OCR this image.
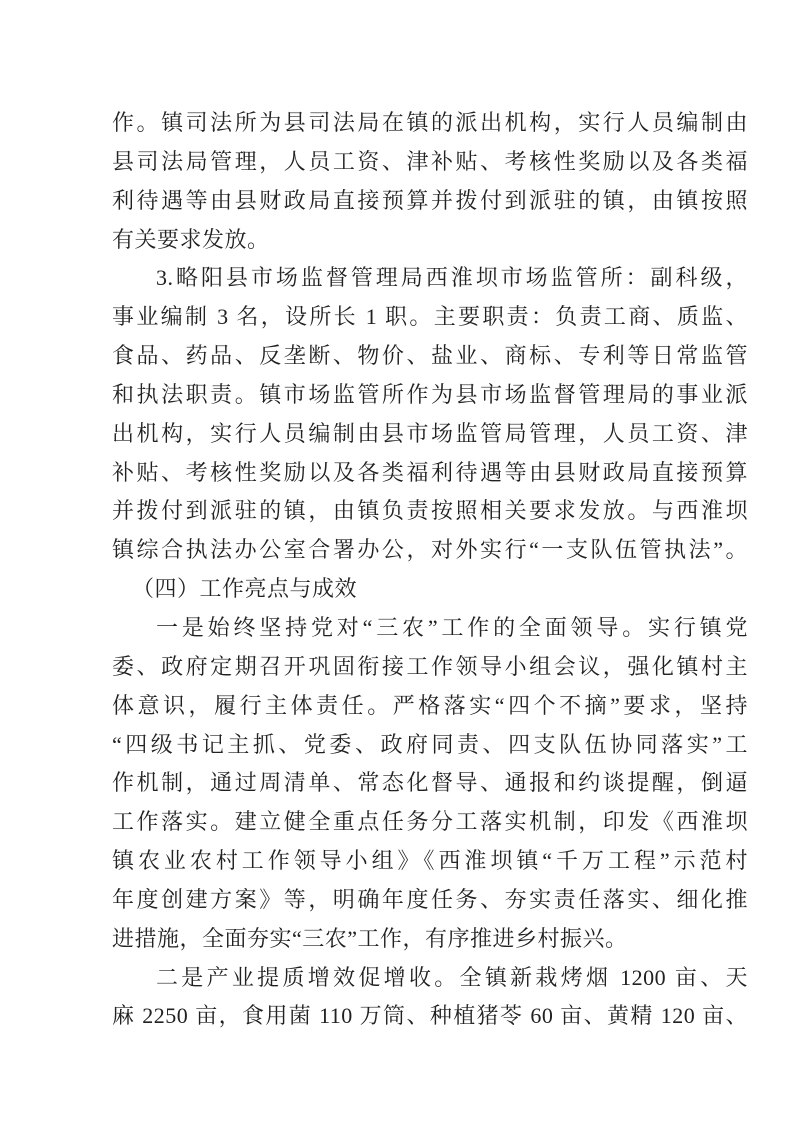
作。镇司法所为县司法局在镇的派出机构，实行人员编制由
县司法局管理，人员工资、津补贴、考核性奖励以及各类福
利待遇等由县财政局直接预算并拨付到派驻的镇，由镇按照
有关要求发放。
3.略阳县市场监督管理局西淮坝市场监管所：副科级，
事业编制 3 名，设所长 1 职。主要职责：负责工商、质监、
食品、药品、反垄断、物价、盐业、商标、专利等日常监管
和执法职责。镇市场监管所作为县市场监督管理局的事业派
出机构，实行人员编制由县市场监管局管理，人员工资、津
补贴、考核性奖励以及各类福利待遇等由县财政局直接预算
并拨付到派驻的镇，由镇负责按照相关要求发放。与西淮坝
镇综合执法办公室合署办公，对外实行“一支队伍管执法”。
（四）工作亮点与成效
一是始终坚持党对“三农”工作的全面领导。实行镇党
委、政府定期召开巩固衔接工作领导小组会议，强化镇村主
体意识，履行主体责任。严格落实“四个不摘”要求，坚持
“四级书记主抓、党委、政府同责、四支队伍协同落实”工
作机制，通过周清单、常态化督导、通报和约谈提醒，倒逼
工作落实。建立健全重点任务分工落实机制，印发《西淮坝
镇农业农村工作领导小组》《西淮坝镇“千万工程”示范村
年度创建方案》等，明确年度任务、夯实责任落实、细化推
进措施，全面夯实“三农”工作，有序推进乡村振兴。
二是产业提质增效促增收。全镇新栽烤烟 1200 亩、天
麻 2250 亩，食用菌 110 万筒、种植猪苓 60 亩、黄精 120 亩、
